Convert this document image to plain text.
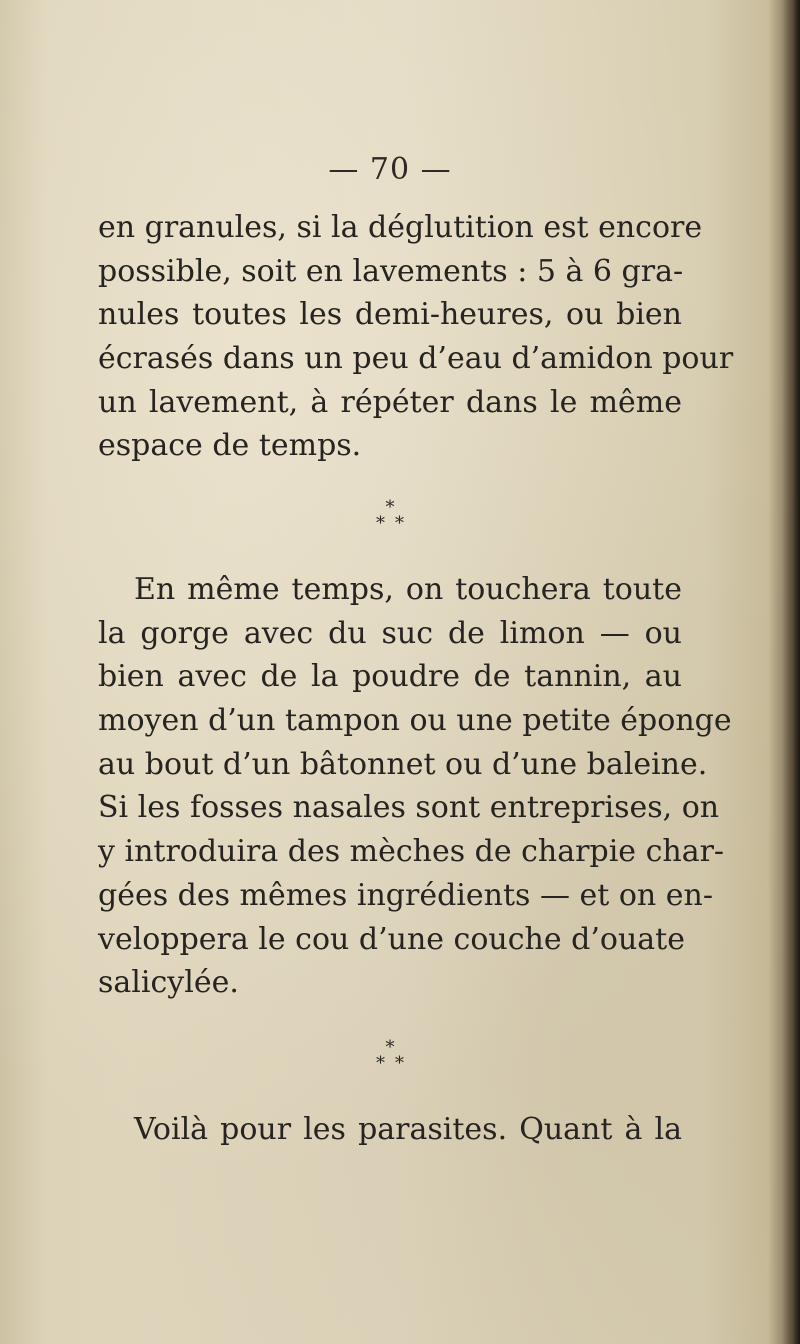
— 70 —
en granules, si la déglutition est encore
possible, soit en lavements : 5 à 6 gra-
nules toutes les demi-heures, ou bien
écrasés dans un peu d’eau d’amidon pour
un lavement, à répéter dans le même
espace de temps.
*
**
En même temps, on touchera toute
la gorge avec du suc de limon — ou
bien avec de la poudre de tannin, au
moyen d’un tampon ou une petite éponge
au bout d’un bâtonnet ou d’une baleine.
Si les fosses nasales sont entreprises, on
y introduira des mèches de charpie char-
gées des mêmes ingrédients — et on en-
veloppera le cou d’une couche d’ouate
salicylée.
*
**
Voilà pour les parasites. Quant à la
